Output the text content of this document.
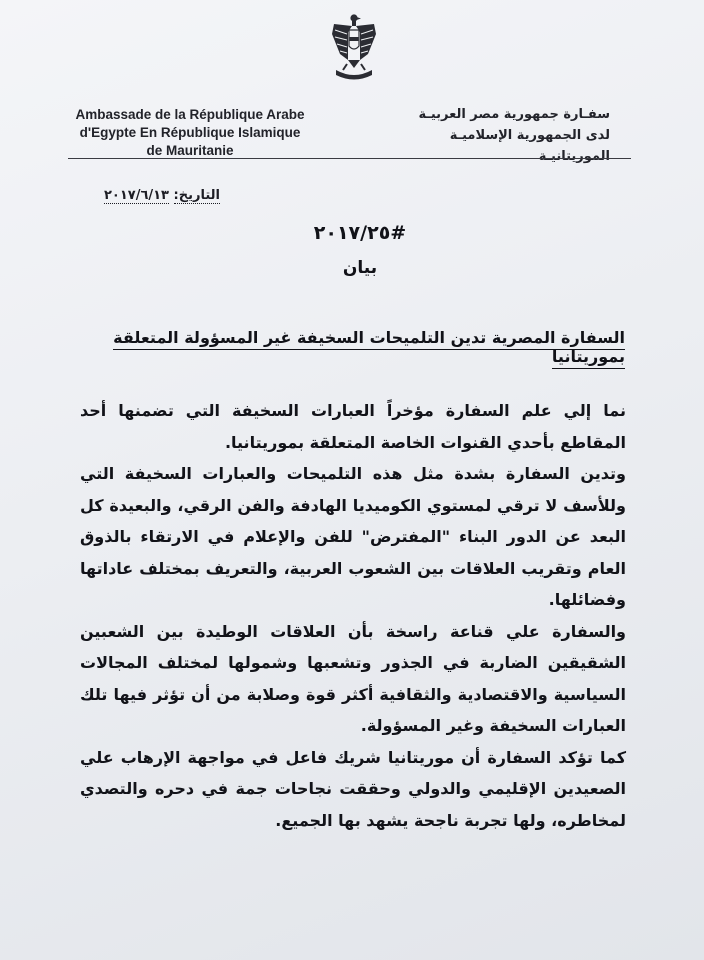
Ambassade de la République Arabe
d'Egypte En République Islamique
de Mauritanie
سفـارة جمهورية مصر العربيـة
لدى الجمهورية الإسلاميـة الموريتانيـة
التاريخ: ٢٠١٧/٦/١٣
#٢٠١٧/٢٥
بيان
السفارة المصرية تدين التلميحات السخيفة غير المسؤولة المتعلقة بموريتانيا

نما إلي علم السفارة مؤخراً العبارات السخيفة التي تضمنها أحد المقاطع بأحدي القنوات الخاصة المتعلقة بموريتانيا.

وتدين السفارة بشدة مثل هذه التلميحات والعبارات السخيفة التي وللأسف لا ترقي لمستوي الكوميديا الهادفة والفن الرقي، والبعيدة كل البعد عن الدور البناء "المفترض" للفن والإعلام في الارتقاء بالذوق العام وتقريب العلاقات بين الشعوب العربية، والتعريف بمختلف عاداتها وفضائلها.

والسفارة علي قناعة راسخة بأن العلاقات الوطيدة بين الشعبين الشقيقين الضاربة في الجذور وتشعبها وشمولها لمختلف المجالات السياسية والاقتصادية والثقافية أكثر قوة وصلابة من أن تؤثر فيها تلك العبارات السخيفة وغير المسؤولة.

كما تؤكد السفارة أن موريتانيا شريك فاعل في مواجهة الإرهاب علي الصعيدين الإقليمي والدولي وحققت نجاحات جمة في دحره والتصدي لمخاطره، ولها تجربة ناجحة يشهد بها الجميع.
